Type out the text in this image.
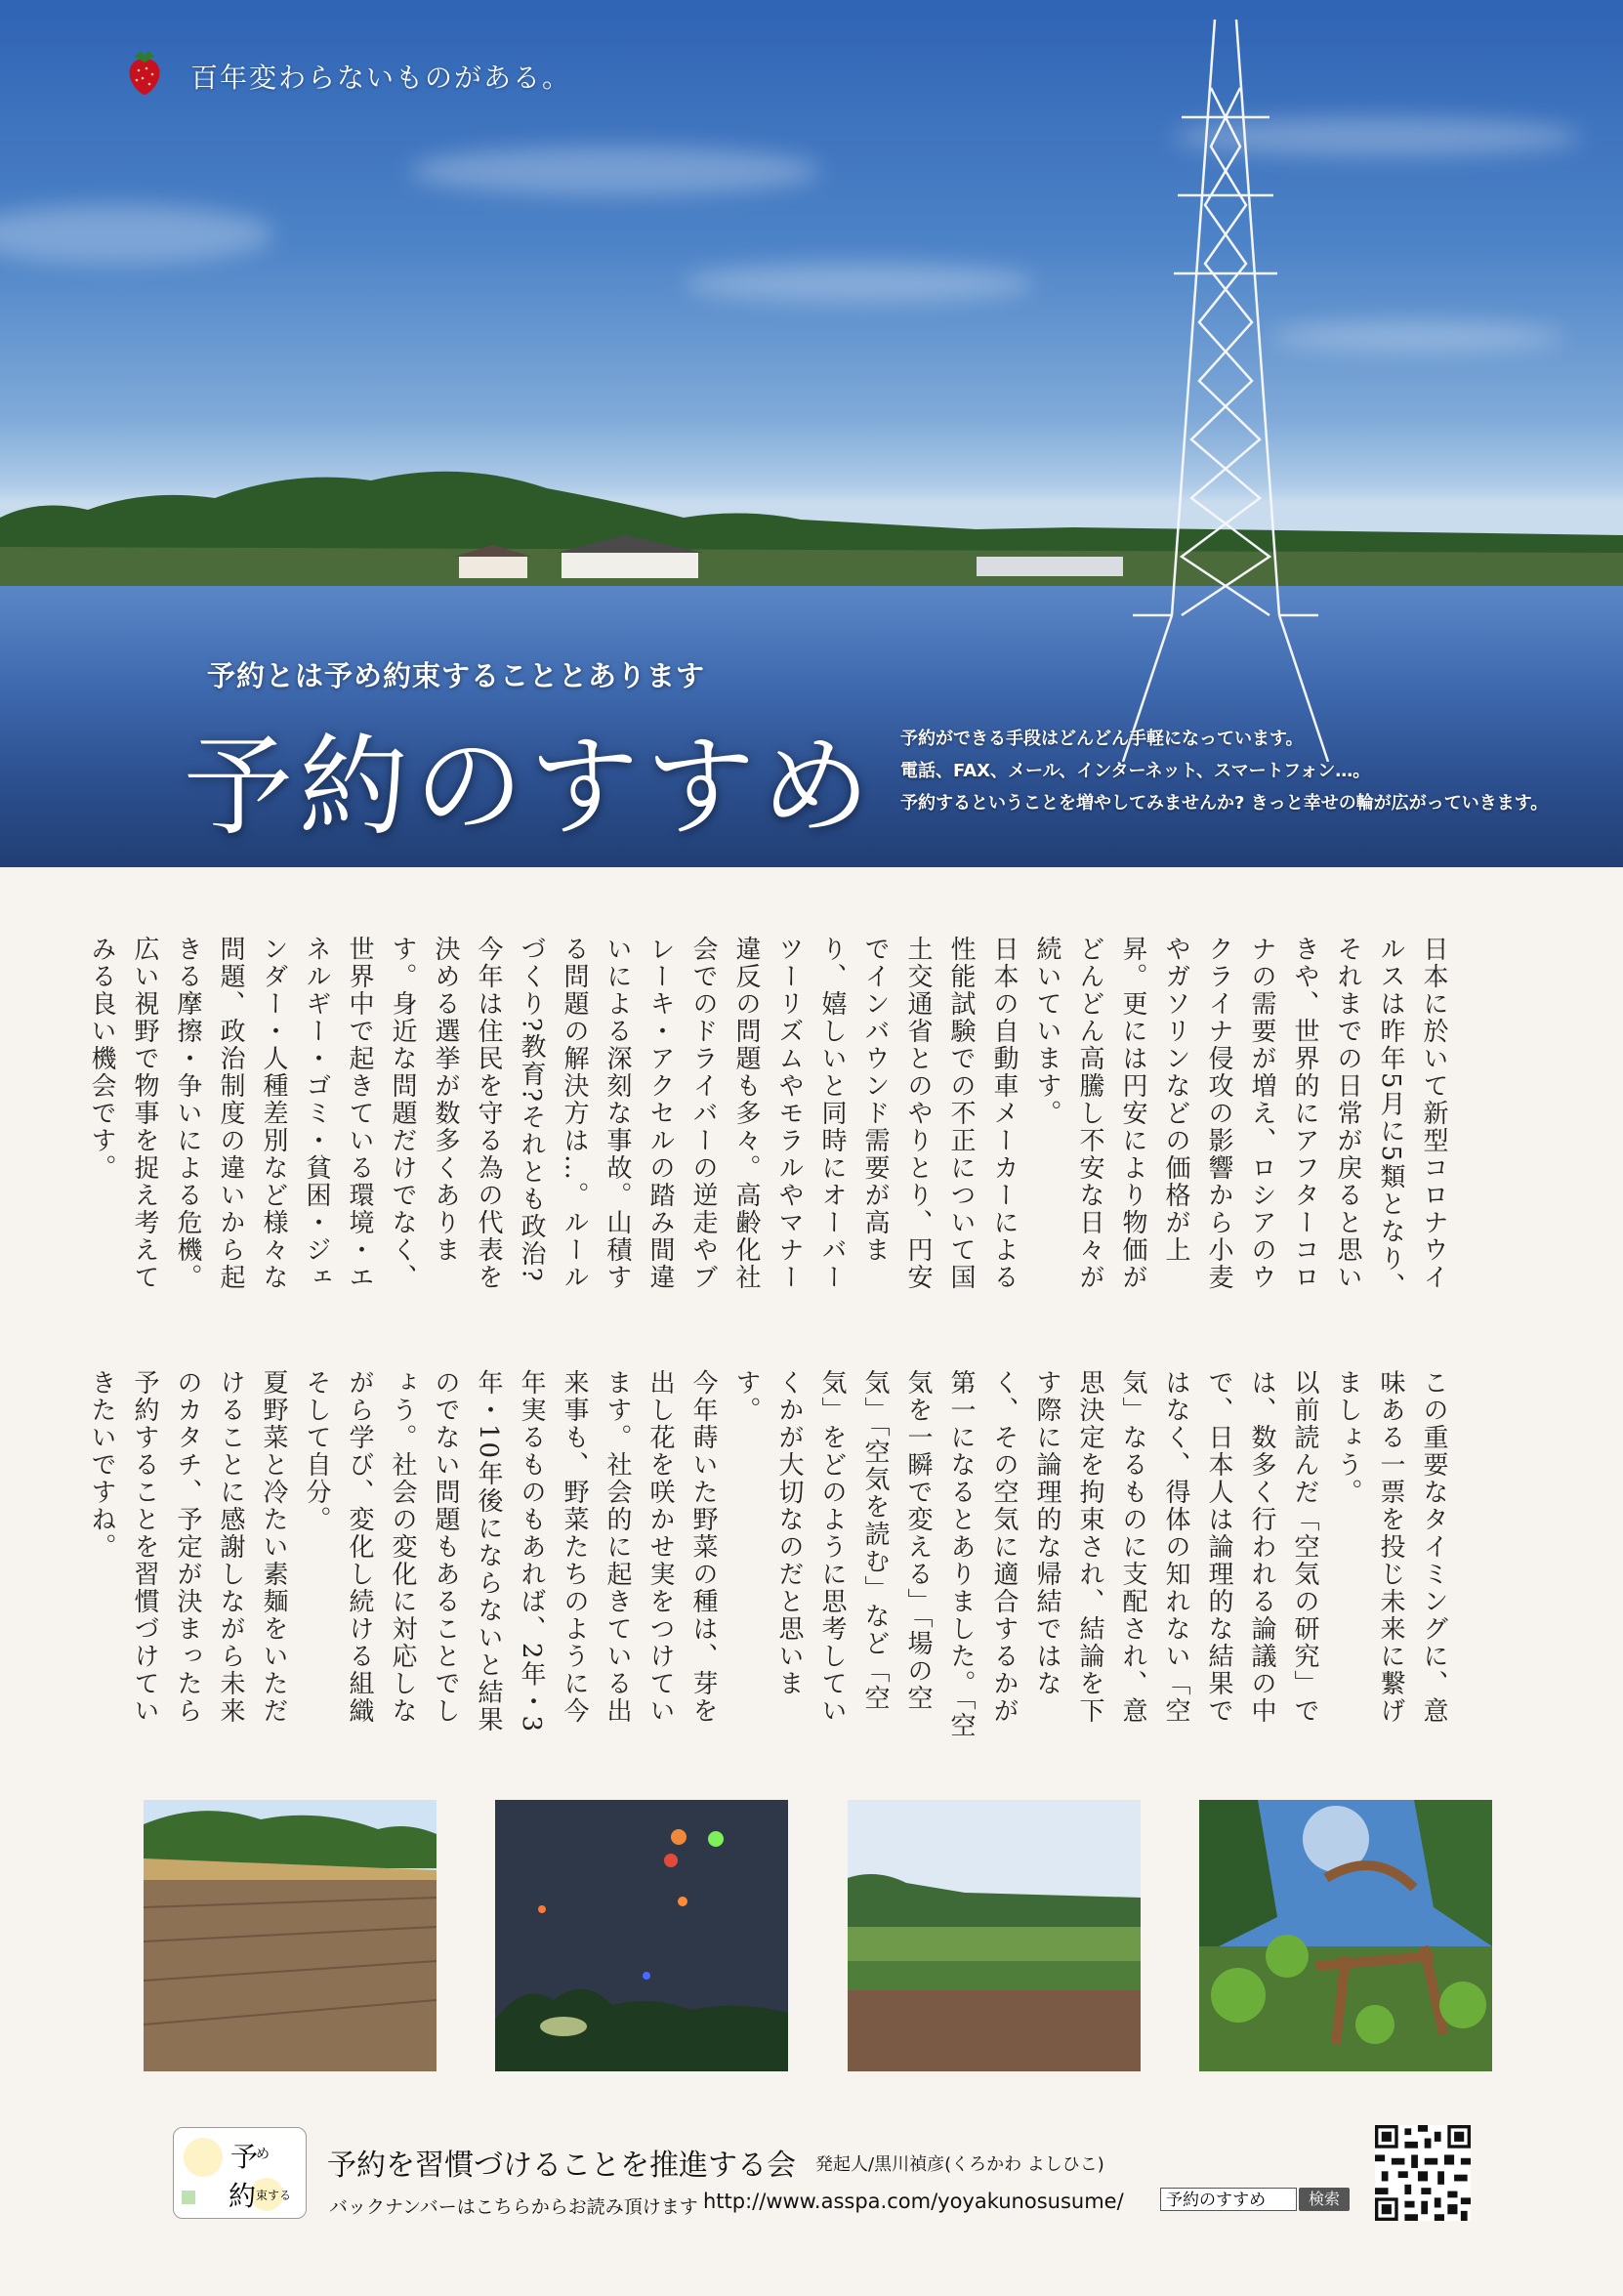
百年変わらないものがある。
予約とは予め約束することとあります
予約のすすめ 予約ができる手段はどんどん手軽になっています。
電話、FAX、メール、インターネット、スマートフォン…。
予約するということを増やしてみませんか? きっと幸せの輪が広がっていきます。

日本に於いて新型コロナウイルスは昨年5月に5類となり、それまでの日常が戻ると思いきや、世界的にアフターコロナの需要が増え、ロシアのウクライナ侵攻の影響から小麦やガソリンなどの価格が上昇。更には円安により物価がどんどん高騰し不安な日々が続いています。

日本の自動車メーカーによる性能試験での不正について国土交通省とのやりとり、円安でインバウンド需要が高まり、嬉しいと同時にオーバーツーリズムやモラルやマナー違反の問題も多々。高齢化社会でのドライバーの逆走やブレーキ・アクセルの踏み間違いによる深刻な事故。山積する問題の解決方は…。ルールづくり?教育?それとも政治?

今年は住民を守る為の代表を決める選挙が数多くあります。身近な問題だけでなく、世界中で起きている環境・エネルギー・ゴミ・貧困・ジェンダー・人種差別など様々な問題、政治制度の違いから起きる摩擦・争いによる危機。広い視野で物事を捉え考えてみる良い機会です。

この重要なタイミングに、意味ある一票を投じ未来に繋げましょう。

以前読んだ「空気の研究」では、数多く行われる論議の中で、日本人は論理的な結果ではなく、得体の知れない「空気」なるものに支配され、意思決定を拘束され、結論を下す際に論理的な帰結ではなく、その空気に適合するかが第一になるとありました。「空気を一瞬で変える」「場の空気」「空気を読む」など「空気」をどのように思考していくかが大切なのだと思います。

今年蒔いた野菜の種は、芽を出し花を咲かせ実をつけています。社会的に起きている出来事も、野菜たちのように今年実るものもあれば、2年・3年・10年後にならないと結果のでない問題もあることでしょう。社会の変化に対応しながら学び、変化し続ける組織そして自分。

夏野菜と冷たい素麺をいただけることに感謝しながら未来のカタチ、予定が決まったら予約することを習慣づけていきたいですね。

予
め
約 束する
予約を習慣づけることを推進する会 発起人/黒川禎彦(くろかわ よしひこ)
バックナンバーはこちらからお読み頂けます http://www.asspa.com/yoyakunosusume/	予約のすすめ	検索
